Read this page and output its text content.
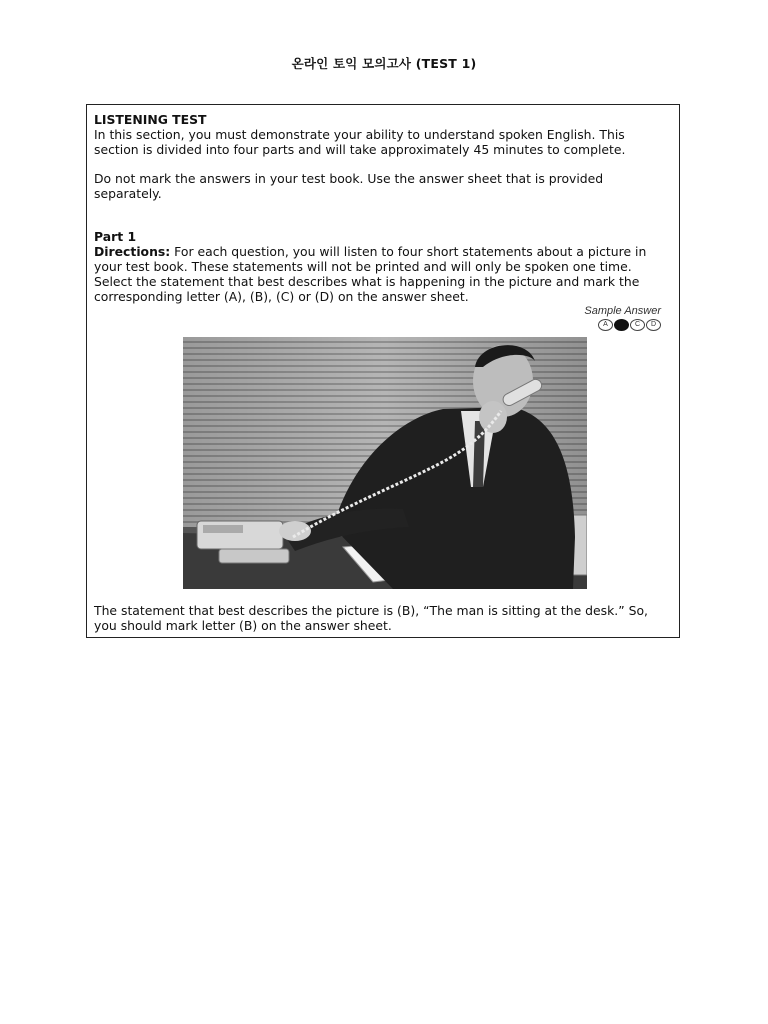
온라인 토익 모의고사 (TEST 1)

LISTENING TEST

In this section, you must demonstrate your ability to understand spoken English. This section is divided into four parts and will take approximately 45 minutes to complete.

Do not mark the answers in your test book. Use the answer sheet that is provided separately.

Part 1

Directions: For each question, you will listen to four short statements about a picture in your test book. These statements will not be printed and will only be spoken one time. Select the statement that best describes what is happening in the picture and mark the corresponding letter (A), (B), (C) or (D) on the answer sheet.

Sample Answer
A	C	D

The statement that best describes the picture is (B), “The man is sitting at the desk.” So, you should mark letter (B) on the answer sheet.
